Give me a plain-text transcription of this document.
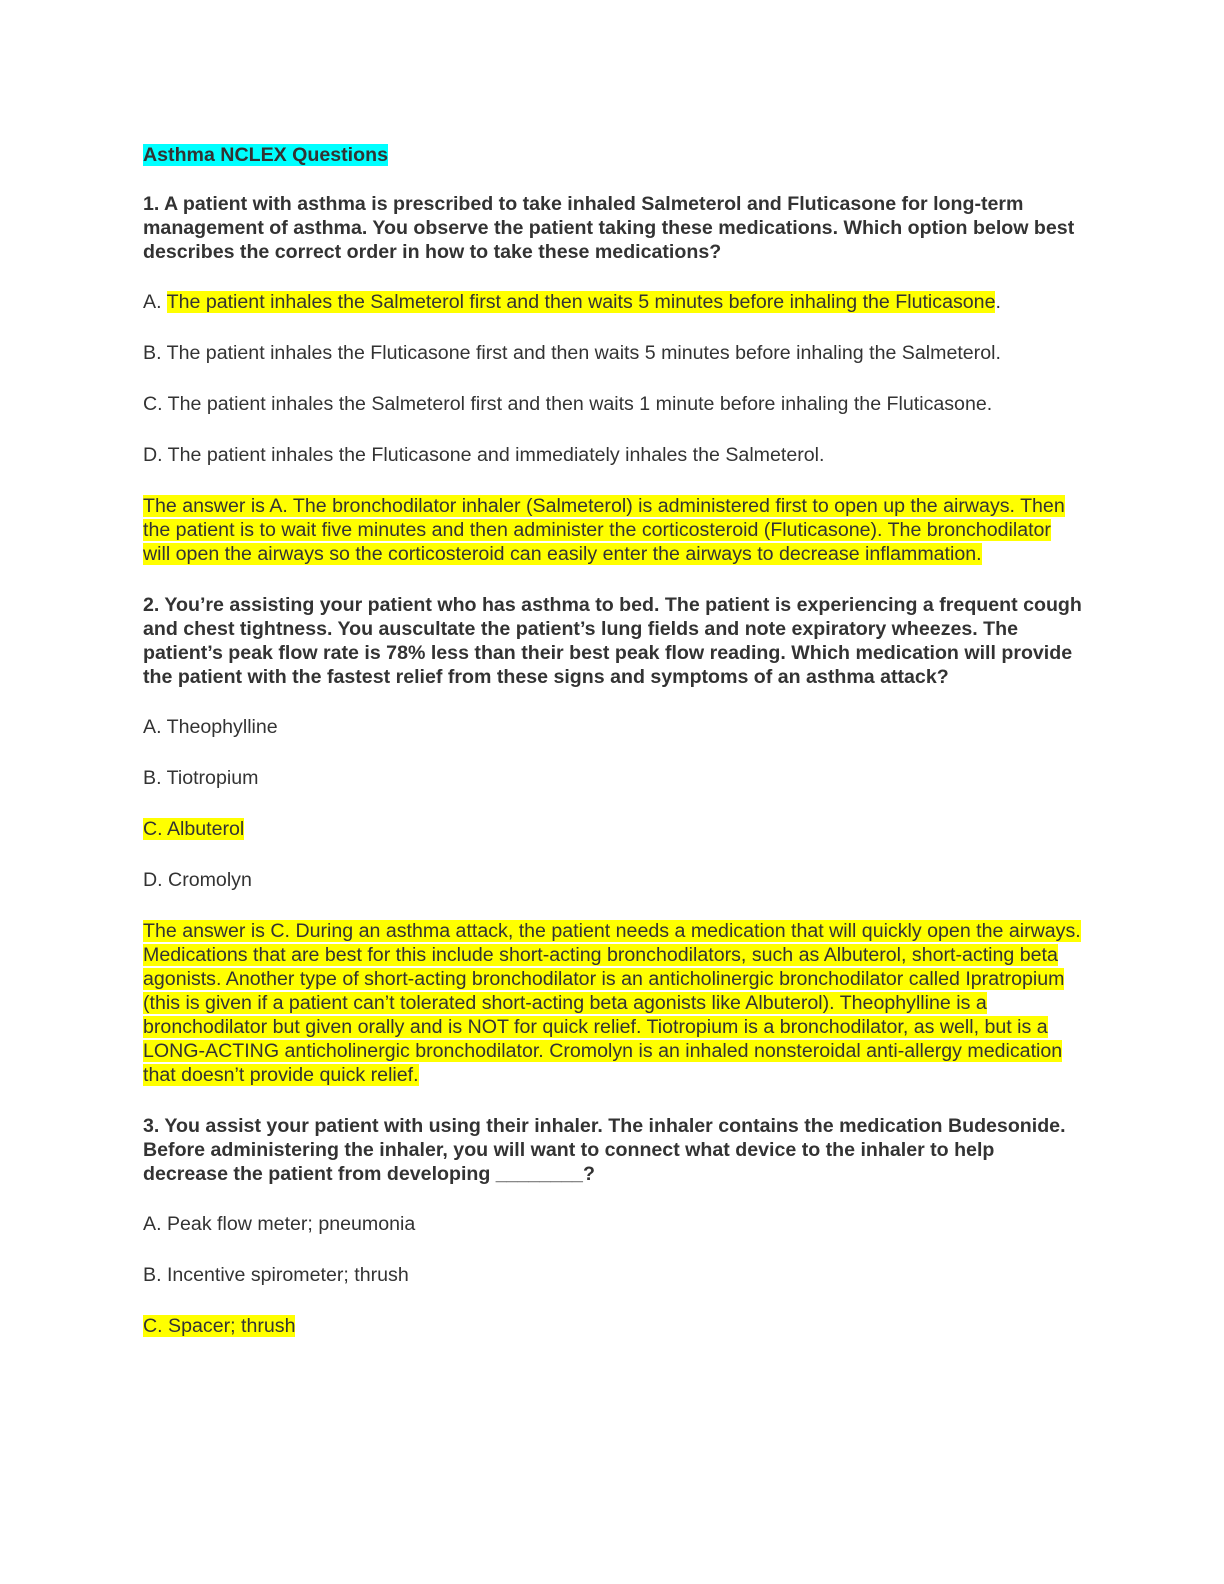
Asthma NCLEX Questions

1. A patient with asthma is prescribed to take inhaled Salmeterol and Fluticasone for long-term management of asthma. You observe the patient taking these medications. Which option below best describes the correct order in how to take these medications?

A. The patient inhales the Salmeterol first and then waits 5 minutes before inhaling the Fluticasone.

B. The patient inhales the Fluticasone first and then waits 5 minutes before inhaling the Salmeterol.

C. The patient inhales the Salmeterol first and then waits 1 minute before inhaling the Fluticasone.

D. The patient inhales the Fluticasone and immediately inhales the Salmeterol.

The answer is A. The bronchodilator inhaler (Salmeterol) is administered first to open up the airways. Then the patient is to wait five minutes and then administer the corticosteroid (Fluticasone). The bronchodilator will open the airways so the corticosteroid can easily enter the airways to decrease inflammation.

2. You’re assisting your patient who has asthma to bed. The patient is experiencing a frequent cough and chest tightness. You auscultate the patient’s lung fields and note expiratory wheezes. The patient’s peak flow rate is 78% less than their best peak flow reading. Which medication will provide the patient with the fastest relief from these signs and symptoms of an asthma attack?

A. Theophylline

B. Tiotropium

C. Albuterol

D. Cromolyn

The answer is C. During an asthma attack, the patient needs a medication that will quickly open the airways. Medications that are best for this include short-acting bronchodilators, such as Albuterol, short-acting beta agonists. Another type of short-acting bronchodilator is an anticholinergic bronchodilator called Ipratropium (this is given if a patient can’t tolerated short-acting beta agonists like Albuterol). Theophylline is a bronchodilator but given orally and is NOT for quick relief. Tiotropium is a bronchodilator, as well, but is a LONG-ACTING anticholinergic bronchodilator. Cromolyn is an inhaled nonsteroidal anti-allergy medication that doesn’t provide quick relief.

3. You assist your patient with using their inhaler. The inhaler contains the medication Budesonide. Before administering the inhaler, you will want to connect what device to the inhaler to help decrease the patient from developing ________?

A. Peak flow meter; pneumonia

B. Incentive spirometer; thrush

C. Spacer; thrush
